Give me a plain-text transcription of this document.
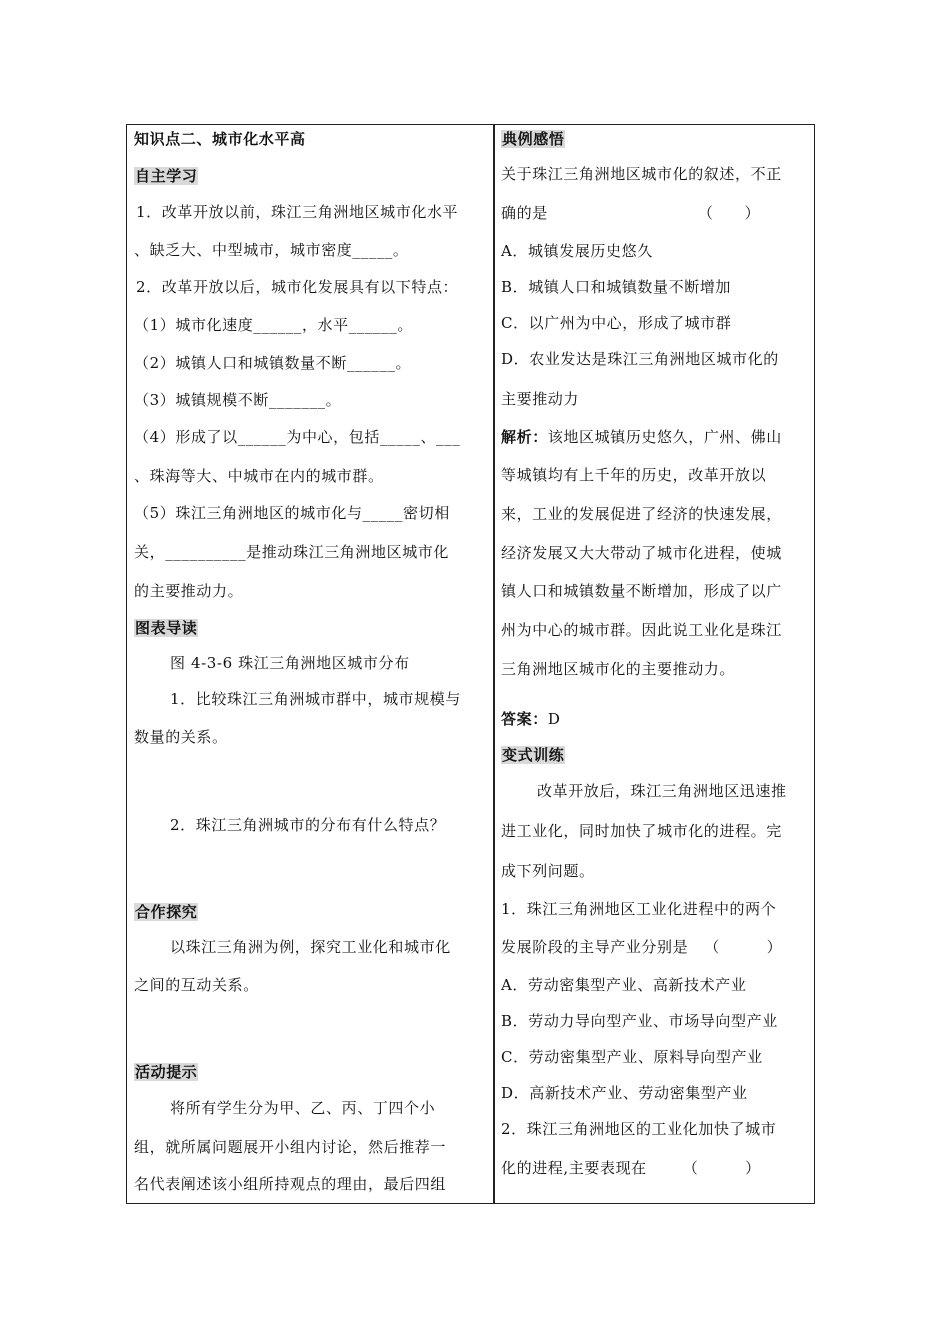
知识点二、城市化水平高
自主学习
1．改革开放以前，珠江三角洲地区城市化水平
、缺乏大、中型城市，城市密度_____。
2．改革开放以后，城市化发展具有以下特点：
（1）城市化速度______，水平______。
（2）城镇人口和城镇数量不断______。
（3）城镇规模不断_______。
（4）形成了以______为中心，包括_____、___
、珠海等大、中城市在内的城市群。
（5）珠江三角洲地区的城市化与_____密切相
关，__________是推动珠江三角洲地区城市化
的主要推动力。
图表导读
图 4-3-6 珠江三角洲地区城市分布
1．比较珠江三角洲城市群中，城市规模与
数量的关系。
2．珠江三角洲城市的分布有什么特点？
合作探究
以珠江三角洲为例，探究工业化和城市化
之间的互动关系。
活动提示
将所有学生分为甲、乙、丙、丁四个小
组，就所属问题展开小组内讨论，然后推荐一
名代表阐述该小组所持观点的理由，最后四组
典例感悟
关于珠江三角洲地区城市化的叙述，不正
确的是	（　　）
A．城镇发展历史悠久
B．城镇人口和城镇数量不断增加
C．以广州为中心，形成了城市群
D．农业发达是珠江三角洲地区城市化的
主要推动力
解析：该地区城镇历史悠久，广州、佛山
等城镇均有上千年的历史，改革开放以
来，工业的发展促进了经济的快速发展，
经济发展又大大带动了城市化进程，使城
镇人口和城镇数量不断增加，形成了以广
州为中心的城市群。因此说工业化是珠江
三角洲地区城市化的主要推动力。
答案：D
变式训练
改革开放后，珠江三角洲地区迅速推
进工业化，同时加快了城市化的进程。完
成下列问题。
1．珠江三角洲地区工业化进程中的两个
发展阶段的主导产业分别是 （　　　）
A．劳动密集型产业、高新技术产业
B．劳动力导向型产业、市场导向型产业
C．劳动密集型产业、原料导向型产业
D．高新技术产业、劳动密集型产业
2．珠江三角洲地区的工业化加快了城市
化的进程,主要表现在 （　　　）
